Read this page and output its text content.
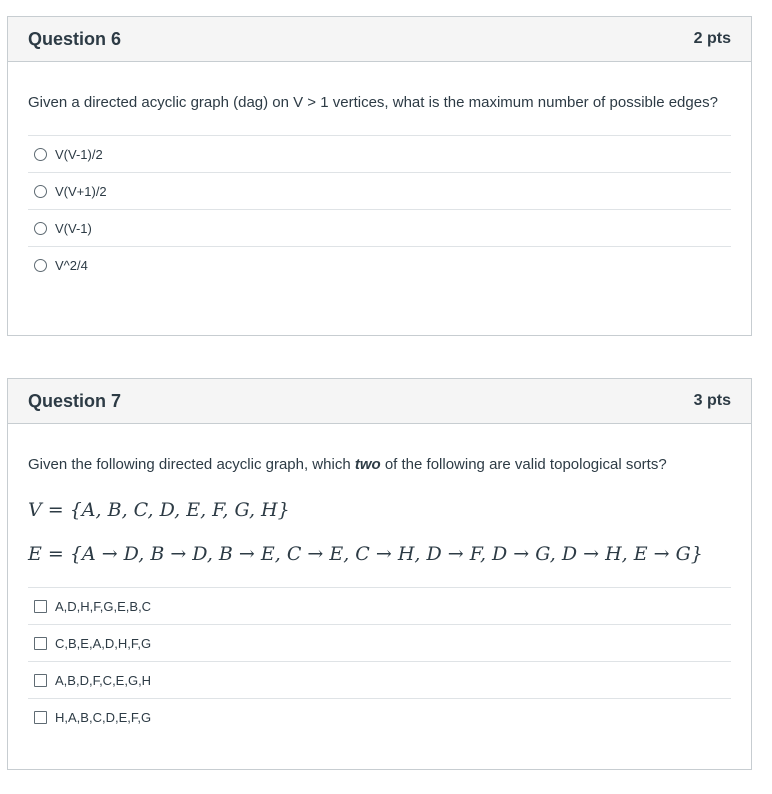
Question 6	2 pts

Given a directed acyclic graph (dag) on V > 1 vertices, what is the maximum number of possible edges?

V(V-1)/2
V(V+1)/2
V(V-1)
V^2/4
Question 7	3 pts

Given the following directed acyclic graph, which two of the following are valid topological sorts?

V = {A, B, C, D, E, F, G, H}

E = {A → D, B → D, B → E, C → E, C → H, D → F, D → G, D → H, E → G}

A,D,H,F,G,E,B,C
C,B,E,A,D,H,F,G
A,B,D,F,C,E,G,H
H,A,B,C,D,E,F,G
